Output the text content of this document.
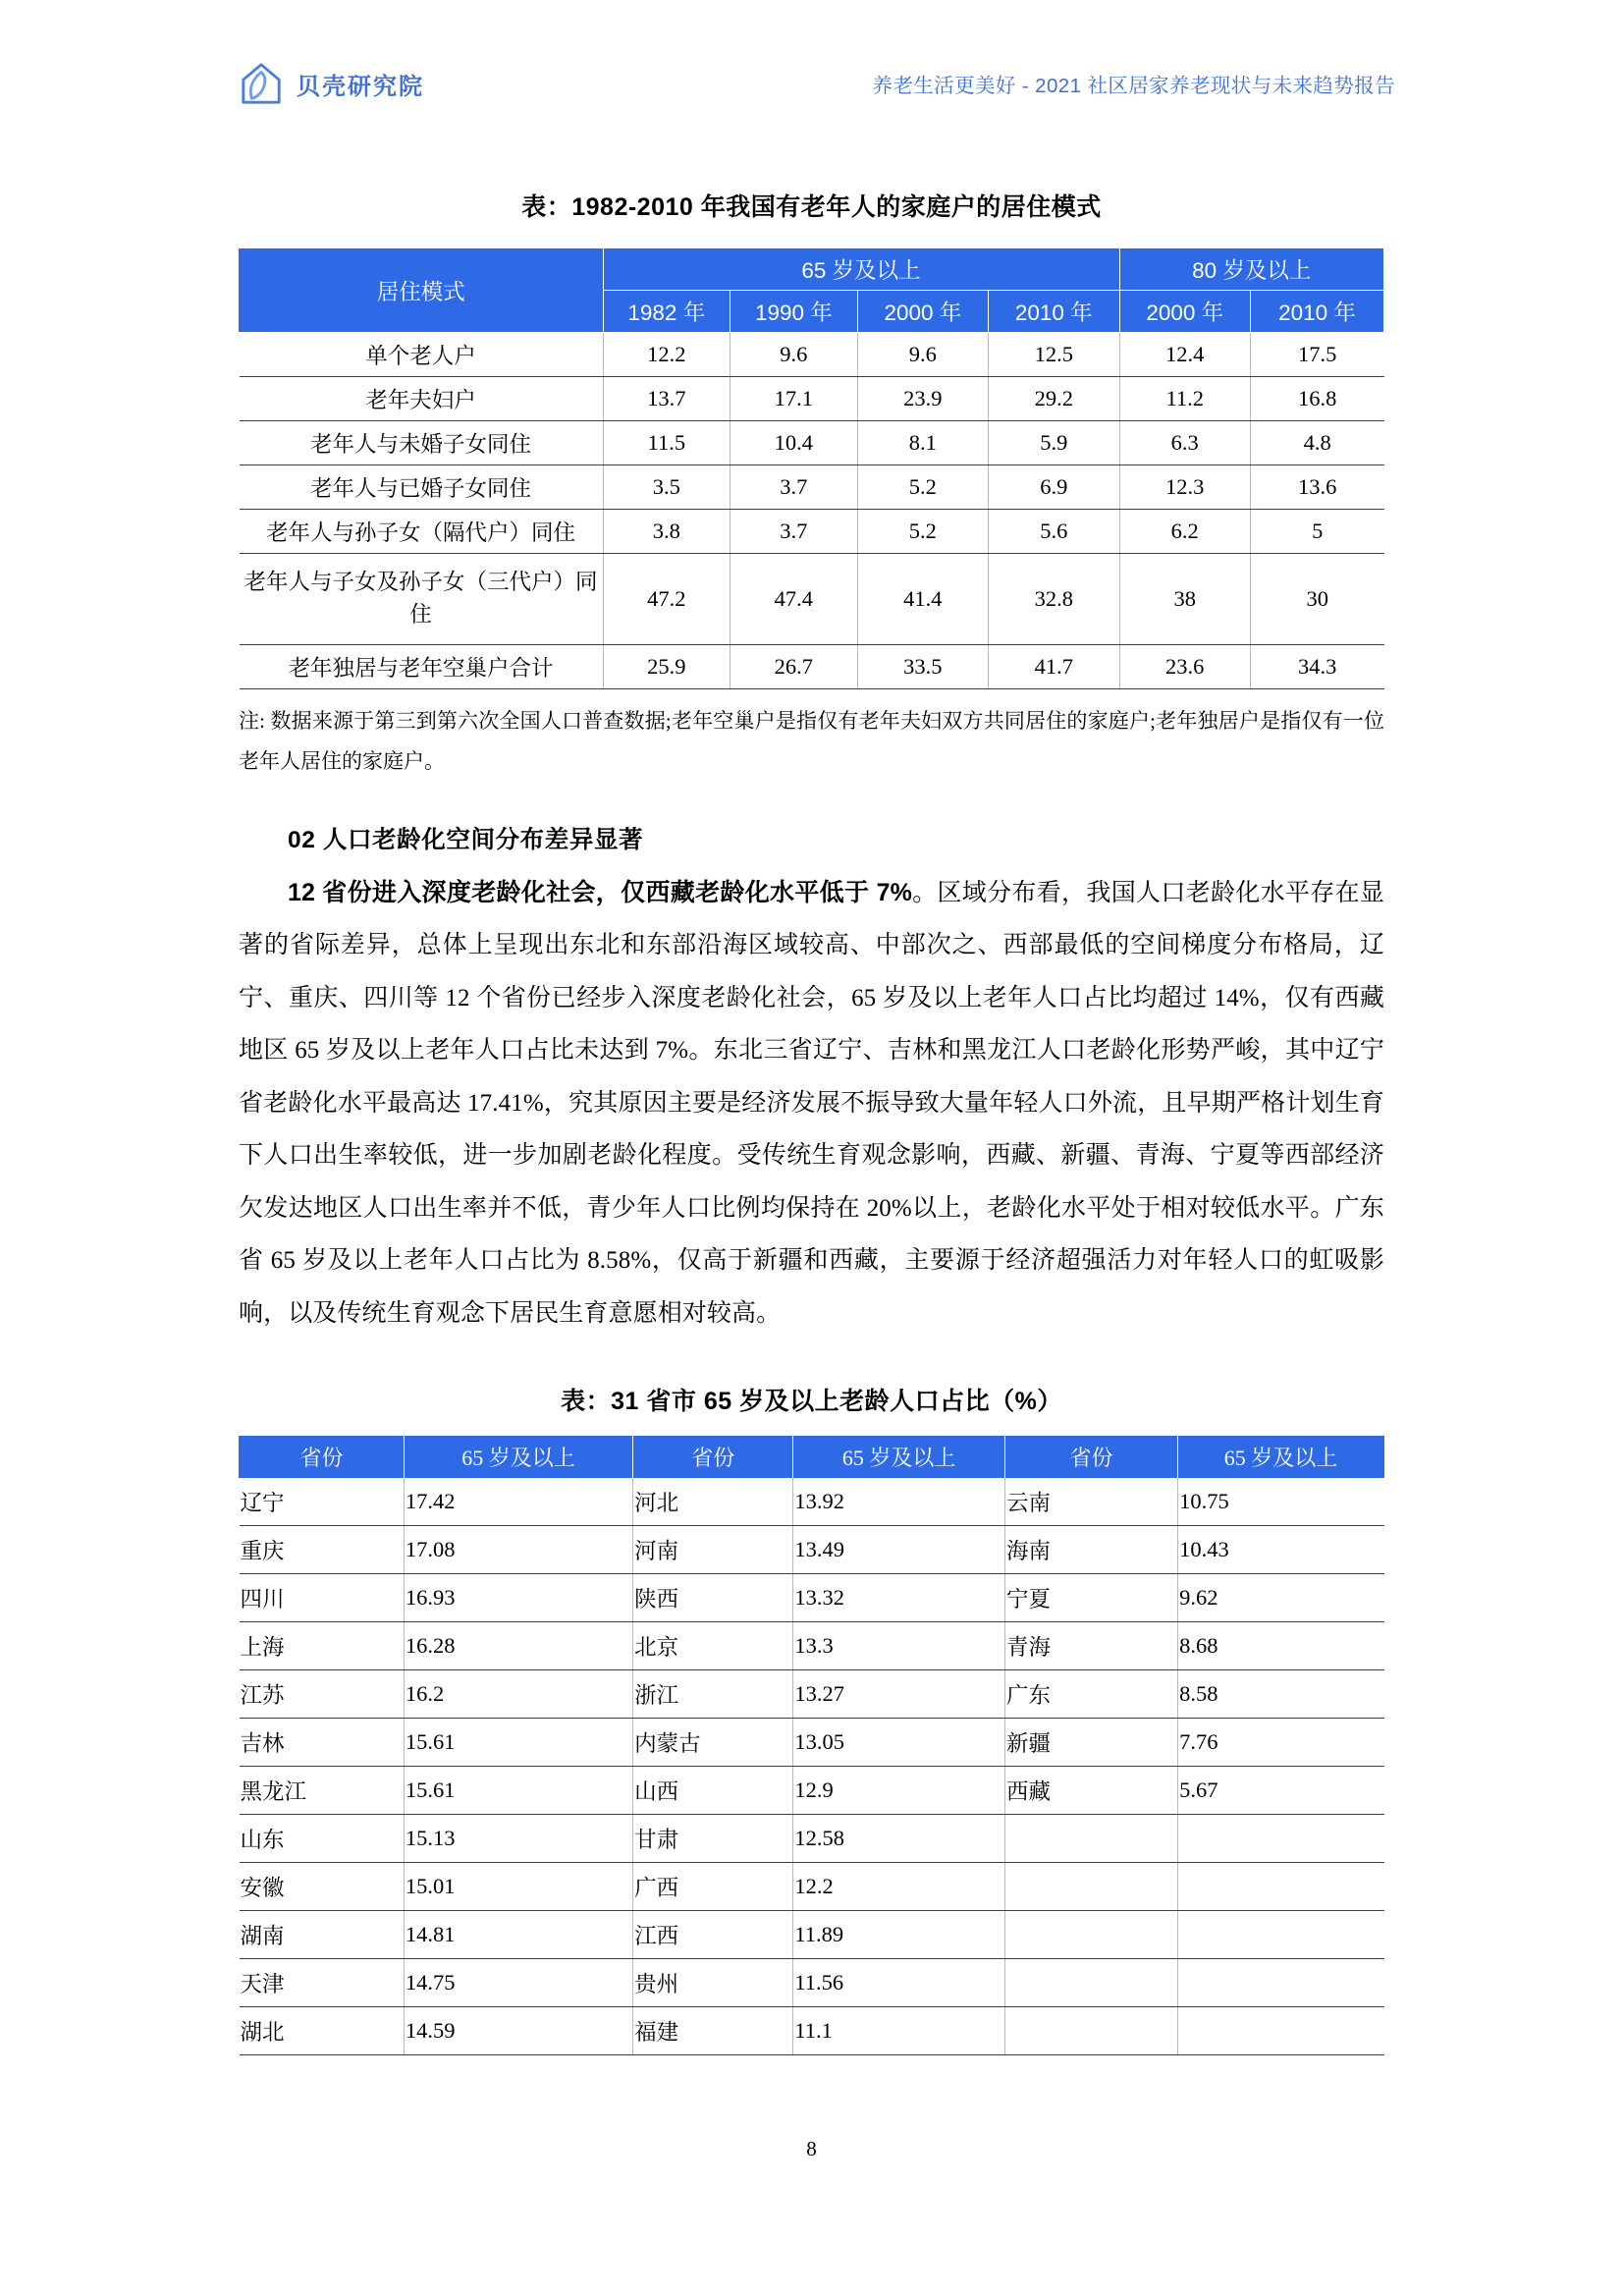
贝壳研究院	养老生活更美好 - 2021 社区居家养老现状与未来趋势报告
表：1982-2010 年我国有老年人的家庭户的居住模式
居住模式	65 岁及以上				80 岁及以上	
	1982 年	1990 年	2000 年	2010 年	2000 年	2010 年
单个老人户	12.2	9.6	9.6	12.5	12.4	17.5
老年夫妇户	13.7	17.1	23.9	29.2	11.2	16.8
老年人与未婚子女同住	11.5	10.4	8.1	5.9	6.3	4.8
老年人与已婚子女同住	3.5	3.7	5.2	6.9	12.3	13.6
老年人与孙子女（隔代户）同住	3.8	3.7	5.2	5.6	6.2	5
老年人与子女及孙子女（三代户）同住	47.2	47.4	41.4	32.8	38	30
老年独居与老年空巢户合计	25.9	26.7	33.5	41.7	23.6	34.3
注: 数据来源于第三到第六次全国人口普查数据;老年空巢户是指仅有老年夫妇双方共同居住的家庭户;老年独居户是指仅有一位老年人居住的家庭户。
02 人口老龄化空间分布差异显著

12 省份进入深度老龄化社会，仅西藏老龄化水平低于 7%。区域分布看，我国人口老龄化水平存在显著的省际差异，总体上呈现出东北和东部沿海区域较高、中部次之、西部最低的空间梯度分布格局，辽宁、重庆、四川等 12 个省份已经步入深度老龄化社会，65 岁及以上老年人口占比均超过 14%，仅有西藏地区 65 岁及以上老年人口占比未达到 7%。东北三省辽宁、吉林和黑龙江人口老龄化形势严峻，其中辽宁省老龄化水平最高达 17.41%，究其原因主要是经济发展不振导致大量年轻人口外流，且早期严格计划生育下人口出生率较低，进一步加剧老龄化程度。受传统生育观念影响，西藏、新疆、青海、宁夏等西部经济欠发达地区人口出生率并不低，青少年人口比例均保持在 20%以上，老龄化水平处于相对较低水平。广东省 65 岁及以上老年人口占比为 8.58%，仅高于新疆和西藏，主要源于经济超强活力对年轻人口的虹吸影响，以及传统生育观念下居民生育意愿相对较高。

表：31 省市 65 岁及以上老龄人口占比（%）
省份	65 岁及以上	省份	65 岁及以上	省份	65 岁及以上
辽宁	17.42	河北	13.92	云南	10.75
重庆	17.08	河南	13.49	海南	10.43
四川	16.93	陕西	13.32	宁夏	9.62
上海	16.28	北京	13.3	青海	8.68
江苏	16.2	浙江	13.27	广东	8.58
吉林	15.61	内蒙古	13.05	新疆	7.76
黑龙江	15.61	山西	12.9	西藏	5.67
山东	15.13	甘肃	12.58		
安徽	15.01	广西	12.2		
湖南	14.81	江西	11.89		
天津	14.75	贵州	11.56		
湖北	14.59	福建	11.1		
8
